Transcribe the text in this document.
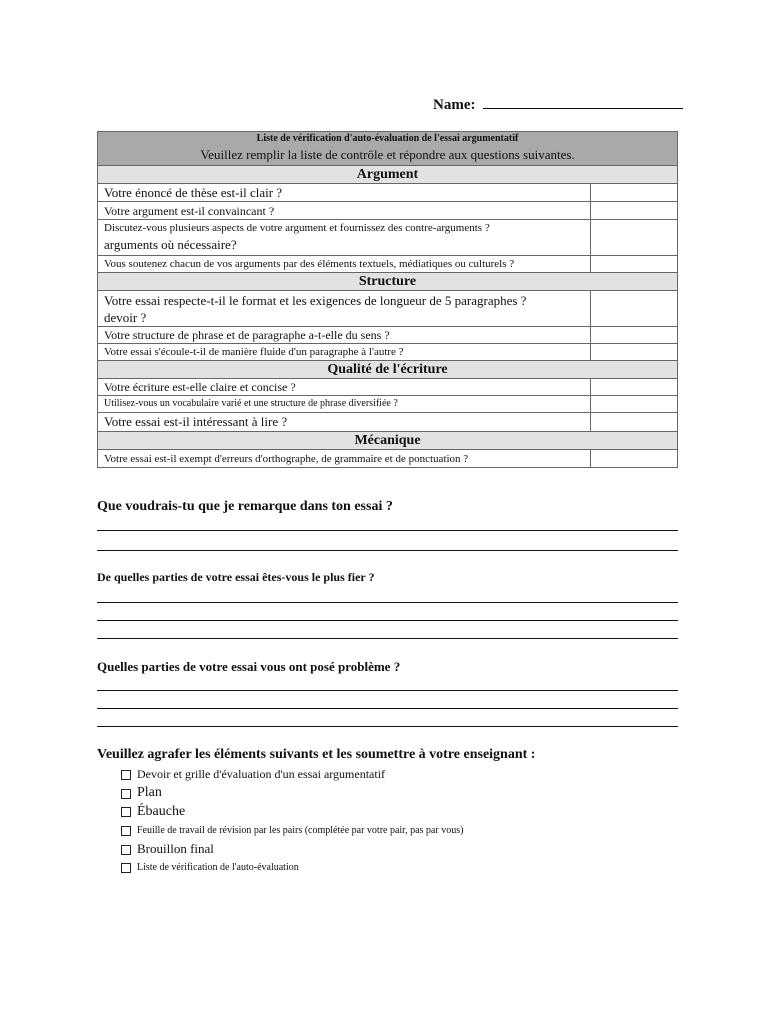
Name:
Liste de vérification d'auto-évaluation de l'essai argumentatif
Veuillez remplir la liste de contrôle et répondre aux questions suivantes.	

Argument	
Votre énoncé de thèse est-il clair ?	
Votre argument est-il convaincant ?	

Discutez-vous plusieurs aspects de votre argument et fournissez des contre-arguments ?
arguments où nécessaire?	

Vous soutenez chacun de vos arguments par des éléments textuels, médiatiques ou culturels ?	
Structure	

Votre essai respecte-t-il le format et les exigences de longueur de 5 paragraphes ?
devoir ?	

Votre structure de phrase et de paragraphe a-t-elle du sens ?	
Votre essai s'écoule-t-il de manière fluide d'un paragraphe à l'autre ?	
Qualité de l'écriture	
Votre écriture est-elle claire et concise ?	
Utilisez-vous un vocabulaire varié et une structure de phrase diversifiée ?	
Votre essai est-il intéressant à lire ?	
Mécanique	
Votre essai est-il exempt d'erreurs d'orthographe, de grammaire et de ponctuation ?	
Que voudrais-tu que je remarque dans ton essai ?
De quelles parties de votre essai êtes-vous le plus fier ?
Quelles parties de votre essai vous ont posé problème ?
Veuillez agrafer les éléments suivants et les soumettre à votre enseignant :
Devoir et grille d'évaluation d'un essai argumentatif
Plan
Ébauche
Feuille de travail de révision par les pairs (complétée par votre pair, pas par vous)
Brouillon final
Liste de vérification de l'auto-évaluation
